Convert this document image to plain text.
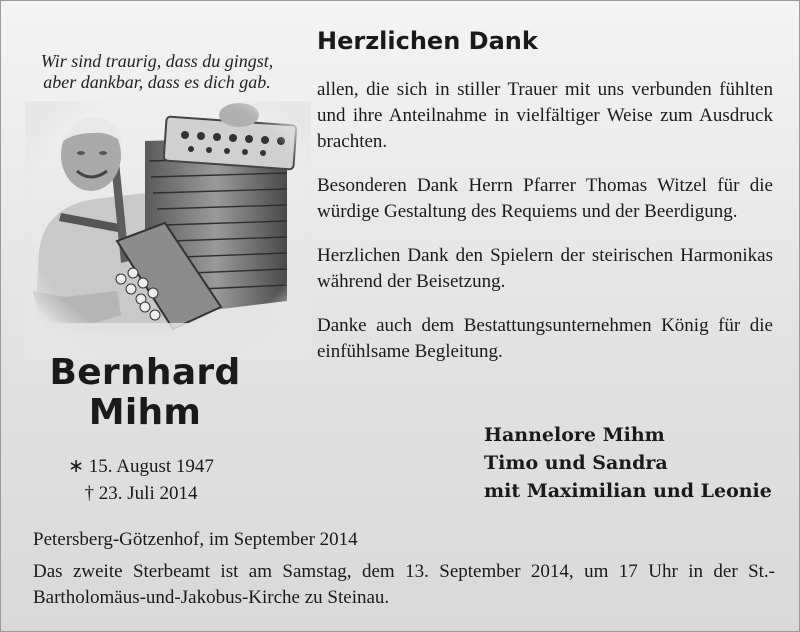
Wir sind traurig, dass du gingst,
aber dankbar, dass es dich gab.
Bernhard
Mihm
∗ 15. August 1947
† 23. Juli 2014
Herzlichen Dank

allen, die sich in stiller Trauer mit uns verbunden fühlten und ihre Anteilnahme in vielfältiger Weise zum Ausdruck brachten.

Besonderen Dank Herrn Pfarrer Thomas Witzel für die würdige Gestaltung des Requiems und der Beerdigung.

Herzlichen Dank den Spielern der steirischen Harmonikas während der Beisetzung.

Danke auch dem Bestattungsunternehmen König für die einfühlsame Begleitung.

Hannelore Mihm
Timo und Sandra
mit Maximilian und Leonie

Petersberg-Götzenhof, im September 2014

Das zweite Sterbeamt ist am Samstag, dem 13. September 2014, um 17 Uhr in der St.-Bartholomäus-und-Jakobus-Kirche zu Steinau.
